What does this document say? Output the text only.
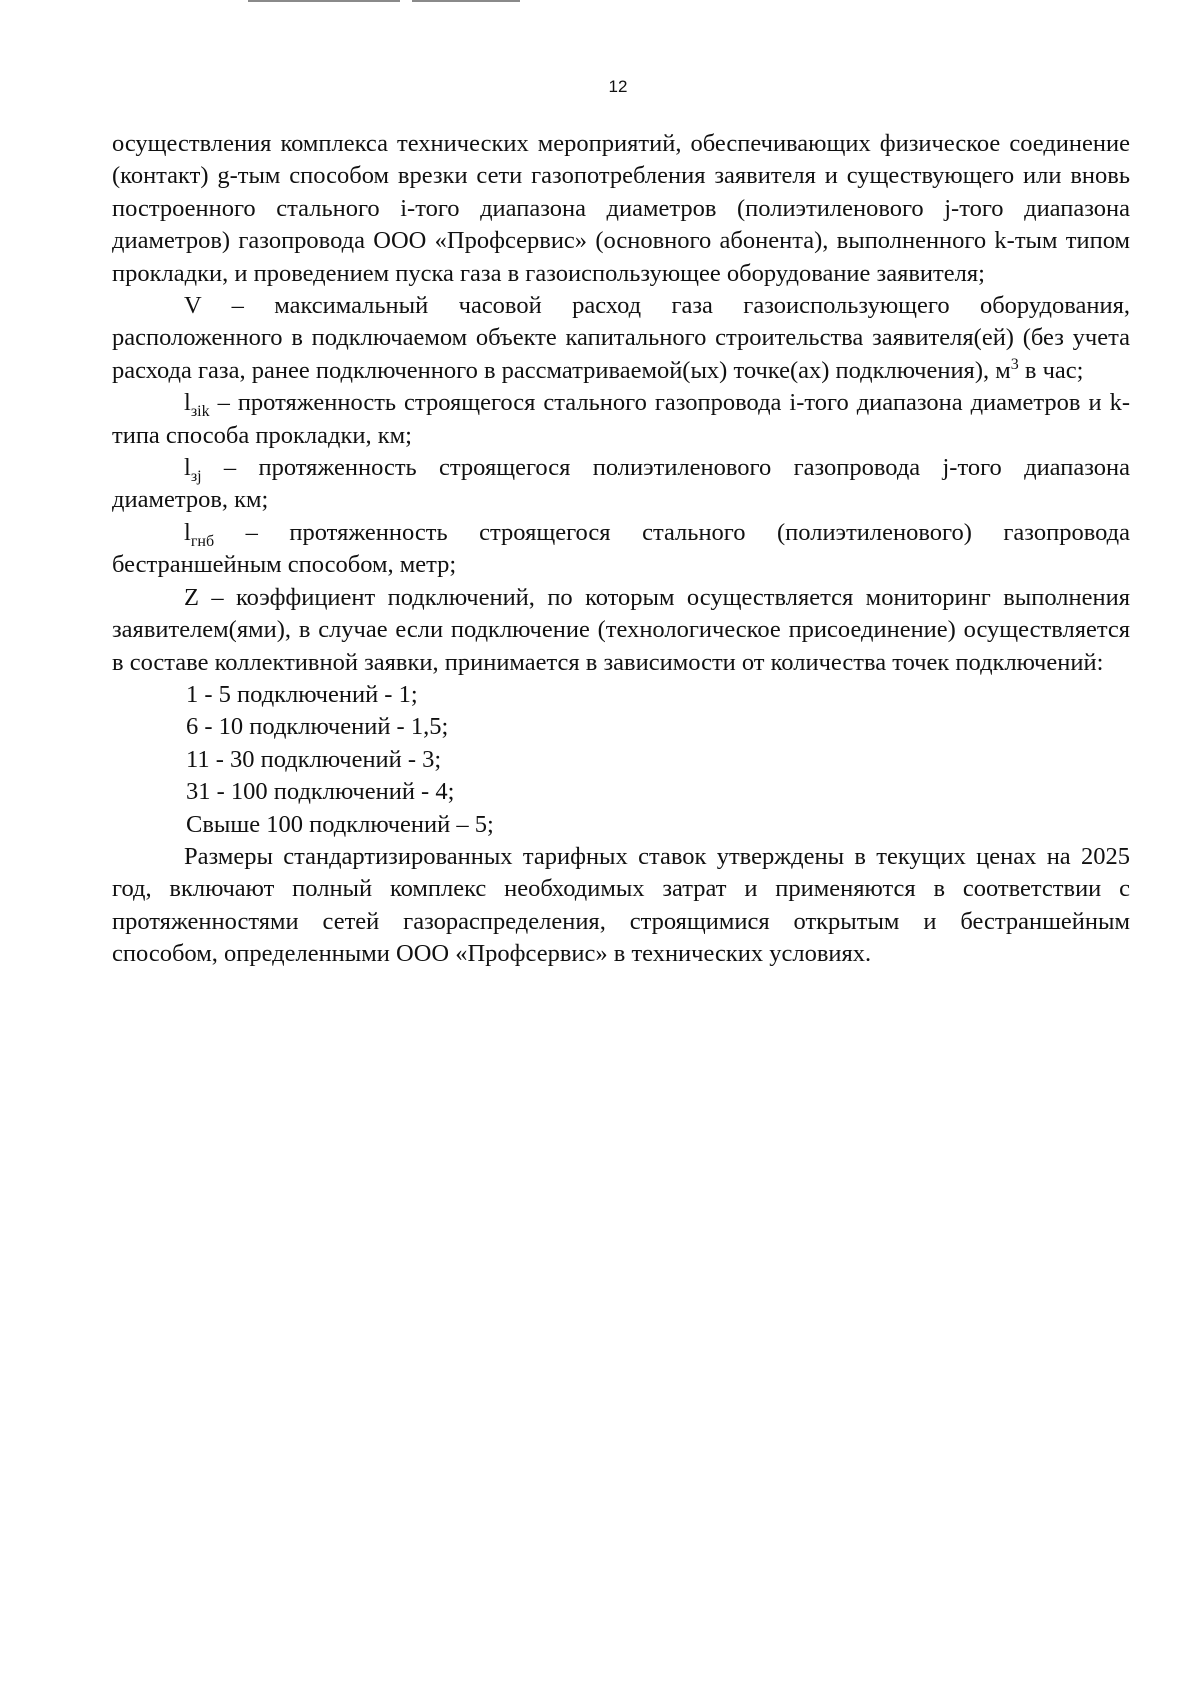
12

осуществления комплекса технических мероприятий, обеспечивающих физическое соединение (контакт) g-тым способом врезки сети газопотребления заявителя и существующего или вновь построенного стального i-того диапазона диаметров (полиэтиленового j-того диапазона диаметров) газопровода ООО «Профсервис» (основного абонента), выполненного k-тым типом прокладки, и проведением пуска газа в газоиспользующее оборудование заявителя;

V – максимальный часовой расход газа газоиспользующего оборудования, расположенного в подключаемом объекте капитального строительства заявителя(ей) (без учета расхода газа, ранее подключенного в рассматриваемой(ых) точке(ах) подключения), $м^3$ в час;

$l_{зik}$ – протяженность строящегося стального газопровода i-того диапазона диаметров и k-типа способа прокладки, км;

$l_{зj}$ – протяженность строящегося полиэтиленового газопровода j-того диапазона диаметров, км;

$l_{гнб}$ – протяженность строящегося стального (полиэтиленового) газопровода бестраншейным способом, метр;

Z – коэффициент подключений, по которым осуществляется мониторинг выполнения заявителем(ями), в случае если подключение (технологическое присоединение) осуществляется в составе коллективной заявки, принимается в зависимости от количества точек подключений:

1 - 5 подключений - 1;

6 - 10 подключений - 1,5;

11 - 30 подключений - 3;

31 - 100 подключений - 4;

Свыше 100 подключений – 5;

Размеры стандартизированных тарифных ставок утверждены в текущих ценах на 2025 год, включают полный комплекс необходимых затрат и применяются в соответствии с протяженностями сетей газораспределения, строящимися открытым и бестраншейным способом, определенными ООО «Профсервис» в технических условиях.
